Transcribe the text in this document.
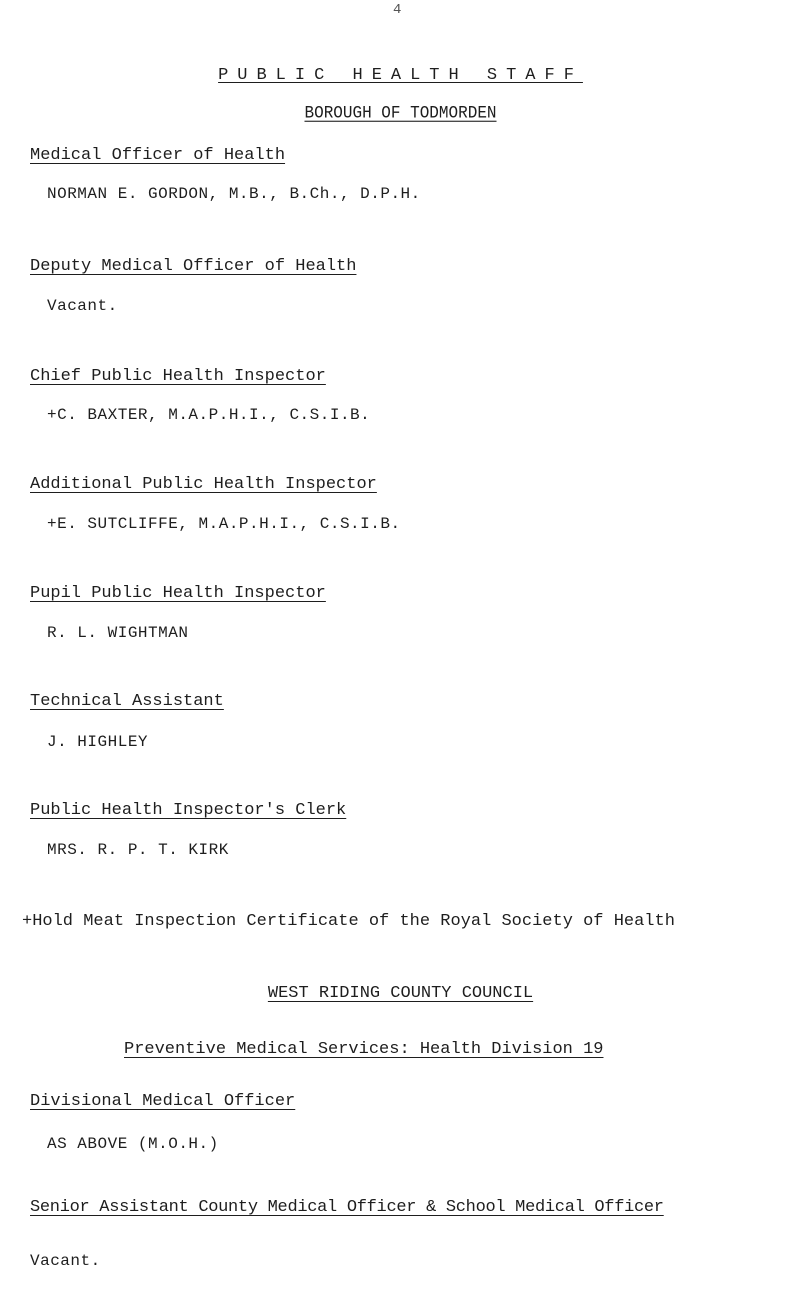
4
PUBLIC HEALTH STAFF
BOROUGH OF TODMORDEN
Medical Officer of Health
NORMAN E. GORDON, M.B., B.Ch., D.P.H.
Deputy Medical Officer of Health
Vacant.
Chief Public Health Inspector
+C. BAXTER, M.A.P.H.I., C.S.I.B.
Additional Public Health Inspector
+E. SUTCLIFFE, M.A.P.H.I., C.S.I.B.
Pupil Public Health Inspector
R. L. WIGHTMAN
Technical Assistant
J. HIGHLEY
Public Health Inspector's Clerk
MRS. R. P. T. KIRK
+Hold Meat Inspection Certificate of the Royal Society of Health
WEST RIDING COUNTY COUNCIL
Preventive Medical Services: Health Division 19
Divisional Medical Officer
AS ABOVE (M.O.H.)
Senior Assistant County Medical Officer & School Medical Officer
Vacant.
